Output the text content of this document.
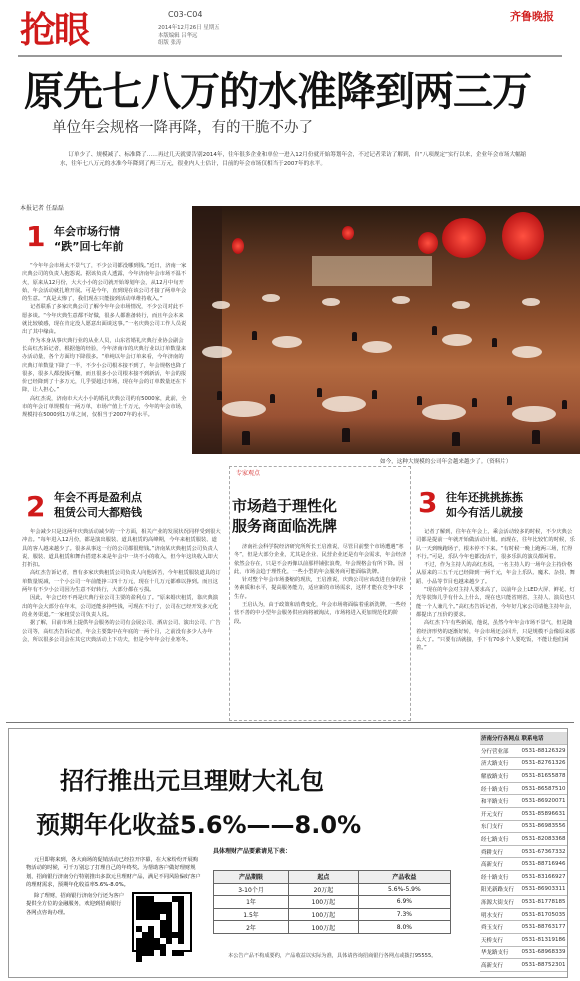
抢眼	C03-C04
2014年12月26日 星期五
本版编辑 吕华远
组版 张涛
齐鲁晚报
原先七八万的水准降到两三万
单位年会规格一降再降，有的干脆不办了
订单少了、规模减了、标准降了……再过几天就要告别2014年，往年很多企业和单位一进入12月份就开始筹划年会，不过记者采访了解到，自“八项规定”实行以来，企业年会市场大幅缩水，往年七八万元的水准今年降到了两三万元，很业内人士估计，目前的年会市场仅相当于2007年的水平。
本报记者 任磊磊
1 年会市场行情
“跌”回七年前

“今年年会市场太不景气了，不少公司都没哪到钱。”近日，济南一家庆典公司的负责人抱怨说。据该负责人透露，今年济南年会市场不温不火，原来从12月份，大大小小的公司就开始筹划年会，从12月中旬开始，年会活动就扎堆开展。可是今年，直到现在该公司才接了两单年会的生意。“真是太惨了，我们现在只能接到活动单维持收入。”

记者联系了多家庆典公司了解今年年会市场情况，不少公司对此不愿多谈。“今年庆典生意都不好做，很多人都准备转行，而且年会本来就比较敏感，现在肯定没人愿意出面谈这事。”一名庆典公司工作人员说出了其中缘由。

作为本身从事庆典行业的从业人员，山东省婚礼庆典行业协会副会长高红杰诉记者，根据他的经验，今年济南市的庆典行业以订单数量来办活动量，各个方面均下降很多。“单纯以年会订单来看，今年济南的庆典订单数量下降了一半，不少小公司根本接不到了，年会规格也降了很多，很多人都没钱可赚，而且很多小公司根本接不到新活，年会的报价已经降到了十多万元，几乎要超过市场，现在年会的订单数量还在下降，让人担心。”

高红杰说，济南市大大小小的婚礼庆典公司约有5000家，此前，全市的年会订单规模有一两万单，市场产值上千万元，今年的年会市场，规模持在5000到1万单之间，仅相当于2007年的水平。

如今，这种大规模的公司年会越来越少了。（资料片）
2 年会不再是盈利点
租赁公司大都赔钱

年会减少只是这两年庆典活动减少的一个方面，相关产业的发展状况同样受到很大冲击。“每年进入12月份，都是演出服装、道具租赁的高峰期，今年来租赁服装、道具的客人越来越少了。很多从事这一行的公司都很赔钱。”济南某庆典租赁公司负责人说，服装、道具租赁和舞台搭建本来是年会中一块不小的收入，但今年这块收入却大打折扣。

高红杰告诉记者，曾有多家庆典租赁公司负责人向他诉苦，今年租赁服装道具的订单数量锐减，一个小公司一年前能挣三四十万元，现在十几万元都难以挣到。而且这两年有不少小公司因为生意不好转行，大部分都在亏损。

因此，年会已经不再是庆典行业公司主要的盈利点了。“原来婚庆租赁，靠庆典演出的年会大部分在年末，公司还能多挣些钱，可现在不行了，公司在已经开发多元化的业务渠道。”一家租赁公司负责人说。

据了解，目前市场上提供年会服务的公司有会展公司、酒店公司、演出公司、广告公司等，高红杰告诉记者，年会主要集中在年底的一两个月，之前没有多少人办年会，所以很多公司会在其它庆典活动上下功夫，但是今年年会行业寒冬。

专家观点
市场趋于理性化
服务商面临洗牌

济南社会科学院经济研究所所长王启淮说，尽管目前整个市场遭遇“寒冬”，但是大部分企业，尤其是企业、民营企业还是有年会需求，年会经济依然会存在，只是不会再像以前那样铺张浪费，年会规格会有所下降。因此，市场会趋于理性化，一些小型的年会服务商可能面临洗牌。

针对整个年会市场萎缩的现状，王启淮说，庆典公司应该改进自身的业务素质和水平，提高服务能力，适应新的市场需求，这样才能在竞争中求生存。

王启认为，由于政策和消费变化，年会市场将面临着重新洗牌，一些经营不善的中小型年会服务供应商将被淘汰，市场将进入更加规范化的阶段。

3 往年还挑挑拣拣
如今有活儿就接

记者了解到，往年在年会上，乘会活动较多的时候，不少庆典公司都是提前一年就开始做活动计划。而现在，往年比较忙的时候，乐队一天到晚跑场子，根本停不下来。“有时候一晚上跑两三场，忙得不行。”可是，乐队今年也都没活干，很多乐队的演员都闲着。

不过，作为主持人的高红杰说，一名主持人的一场年会主持价格从原来的三五千元已经降到一两千元，年会上乐队、魔术、杂技、舞蹈、小品等节目也越来越少了。

“现在的年会对主持人要求高了，以前年会上LED大屏、鲜花、灯光等装饰儿乎有什么上什么，现在也只能省则省，主持人、演员也只能一个人兼几个。”高红杰告诉记者，今年好几家公司请他主持年会，都提出了压价的要求。

高红杰下午有些新闻，他说，虽然今年年会市场不景气，但是随着经济形势的逐渐好转，年会市场还会回升，只是规模不会像原来那么大了。“只要有活就接，手下有70多个人要吃饭，不能让他们闲着。”

招行推出元旦理财大礼包
预期年化收益5.6%——8.0%

元旦即将来到，各大商场的促销活动已经拉开序幕，在大家纷纷开展购物活动的时候，可千万别忘了打理自己的年终奖。为帮助客户做好理财规划，招商银行济南分行特别推出多款元旦理财产品，满足不同风险偏好客户的理财需求，预期年化收益率5.6%-8.0%。

除了理财，招商银行济南分行还为客户提供全方位的金融服务，欢迎到招商银行各网点咨询办理。

具体理财产品要素请见下表：
产品期限	起点	产品收益
3-10个月	20万起	5.6%-5.9%
1年	100万起	6.9%
1.5年	100万起	7.3%
2年	100万起	8.0%
本公告产品不构成要约，产品收益以实际为准，具体请咨询招商银行各网点或拨打95555。
济南分行各网点	联系电话
分行营业部	0531-88126329
济大路支行	0531-82761326
解放路支行	0531-81655878
经十路支行	0531-86587510
和平路支行	0531-86920071
开元支行	0531-85896631
东门支行	0531-86983556
经七路支行	0531-82083368
舜耕支行	0531-67367332
高新支行	0531-88716946
经十路支行	0531-83166927
阳光新路支行	0531-86903311
泺源大街支行	0531-81778185
明水支行	0531-81705035
舜玉支行	0531-88763177
天桥支行	0531-81319186
华龙路支行	0531-68968339
高新支行	0531-88752301
